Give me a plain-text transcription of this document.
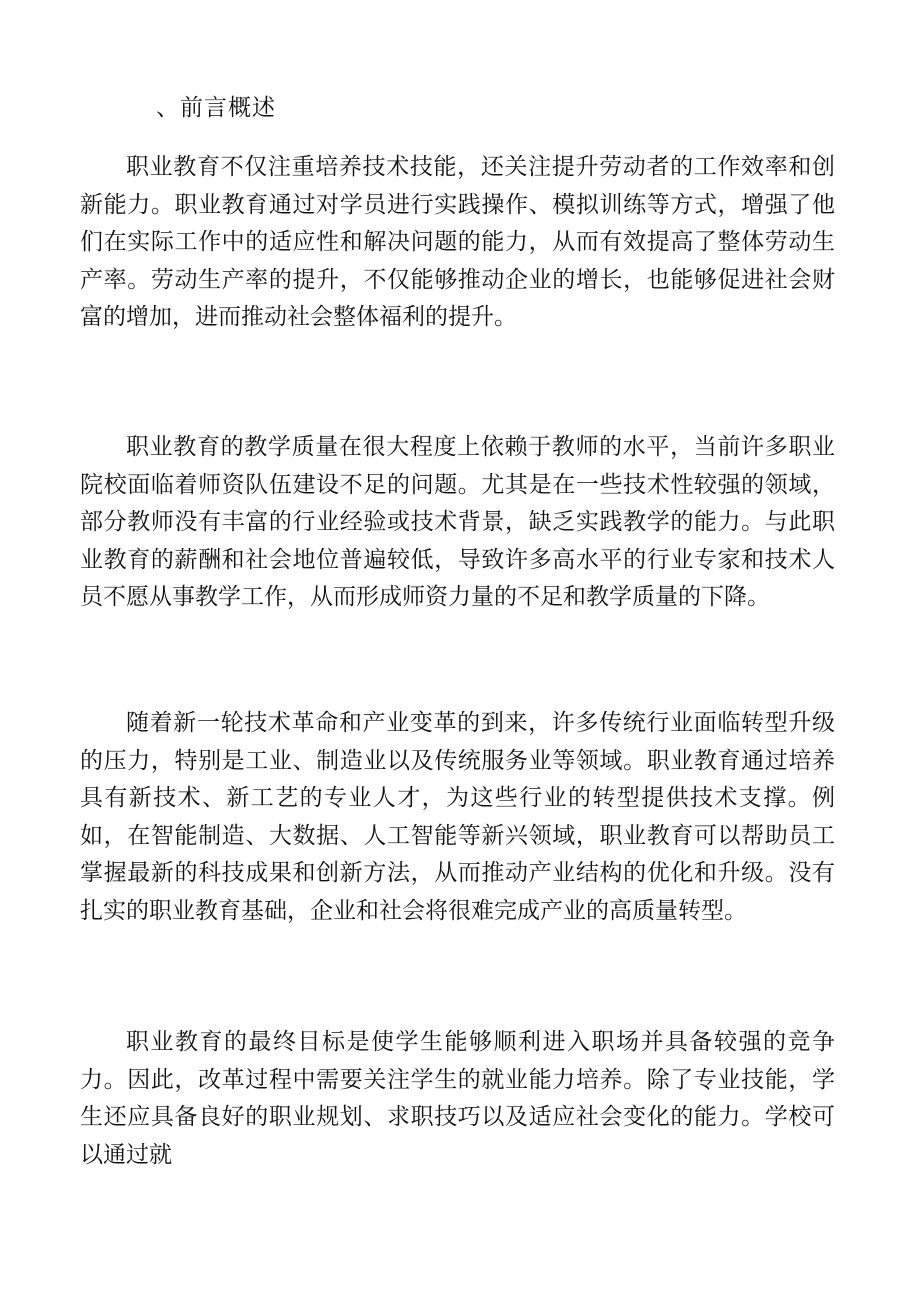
、前言概述

职业教育不仅注重培养技术技能，还关注提升劳动者的工作效率和创新能力。职业教育通过对学员进行实践操作、模拟训练等方式，增强了他们在实际工作中的适应性和解决问题的能力，从而有效提高了整体劳动生产率。劳动生产率的提升，不仅能够推动企业的增长，也能够促进社会财富的增加，进而推动社会整体福利的提升。

职业教育的教学质量在很大程度上依赖于教师的水平，当前许多职业院校面临着师资队伍建设不足的问题。尤其是在一些技术性较强的领域，部分教师没有丰富的行业经验或技术背景，缺乏实践教学的能力。与此职业教育的薪酬和社会地位普遍较低，导致许多高水平的行业专家和技术人员不愿从事教学工作，从而形成师资力量的不足和教学质量的下降。

随着新一轮技术革命和产业变革的到来，许多传统行业面临转型升级的压力，特别是工业、制造业以及传统服务业等领域。职业教育通过培养具有新技术、新工艺的专业人才，为这些行业的转型提供技术支撑。例如，在智能制造、大数据、人工智能等新兴领域，职业教育可以帮助员工掌握最新的科技成果和创新方法，从而推动产业结构的优化和升级。没有扎实的职业教育基础，企业和社会将很难完成产业的高质量转型。

职业教育的最终目标是使学生能够顺利进入职场并具备较强的竞争力。因此，改革过程中需要关注学生的就业能力培养。除了专业技能，学生还应具备良好的职业规划、求职技巧以及适应社会变化的能力。学校可以通过就
